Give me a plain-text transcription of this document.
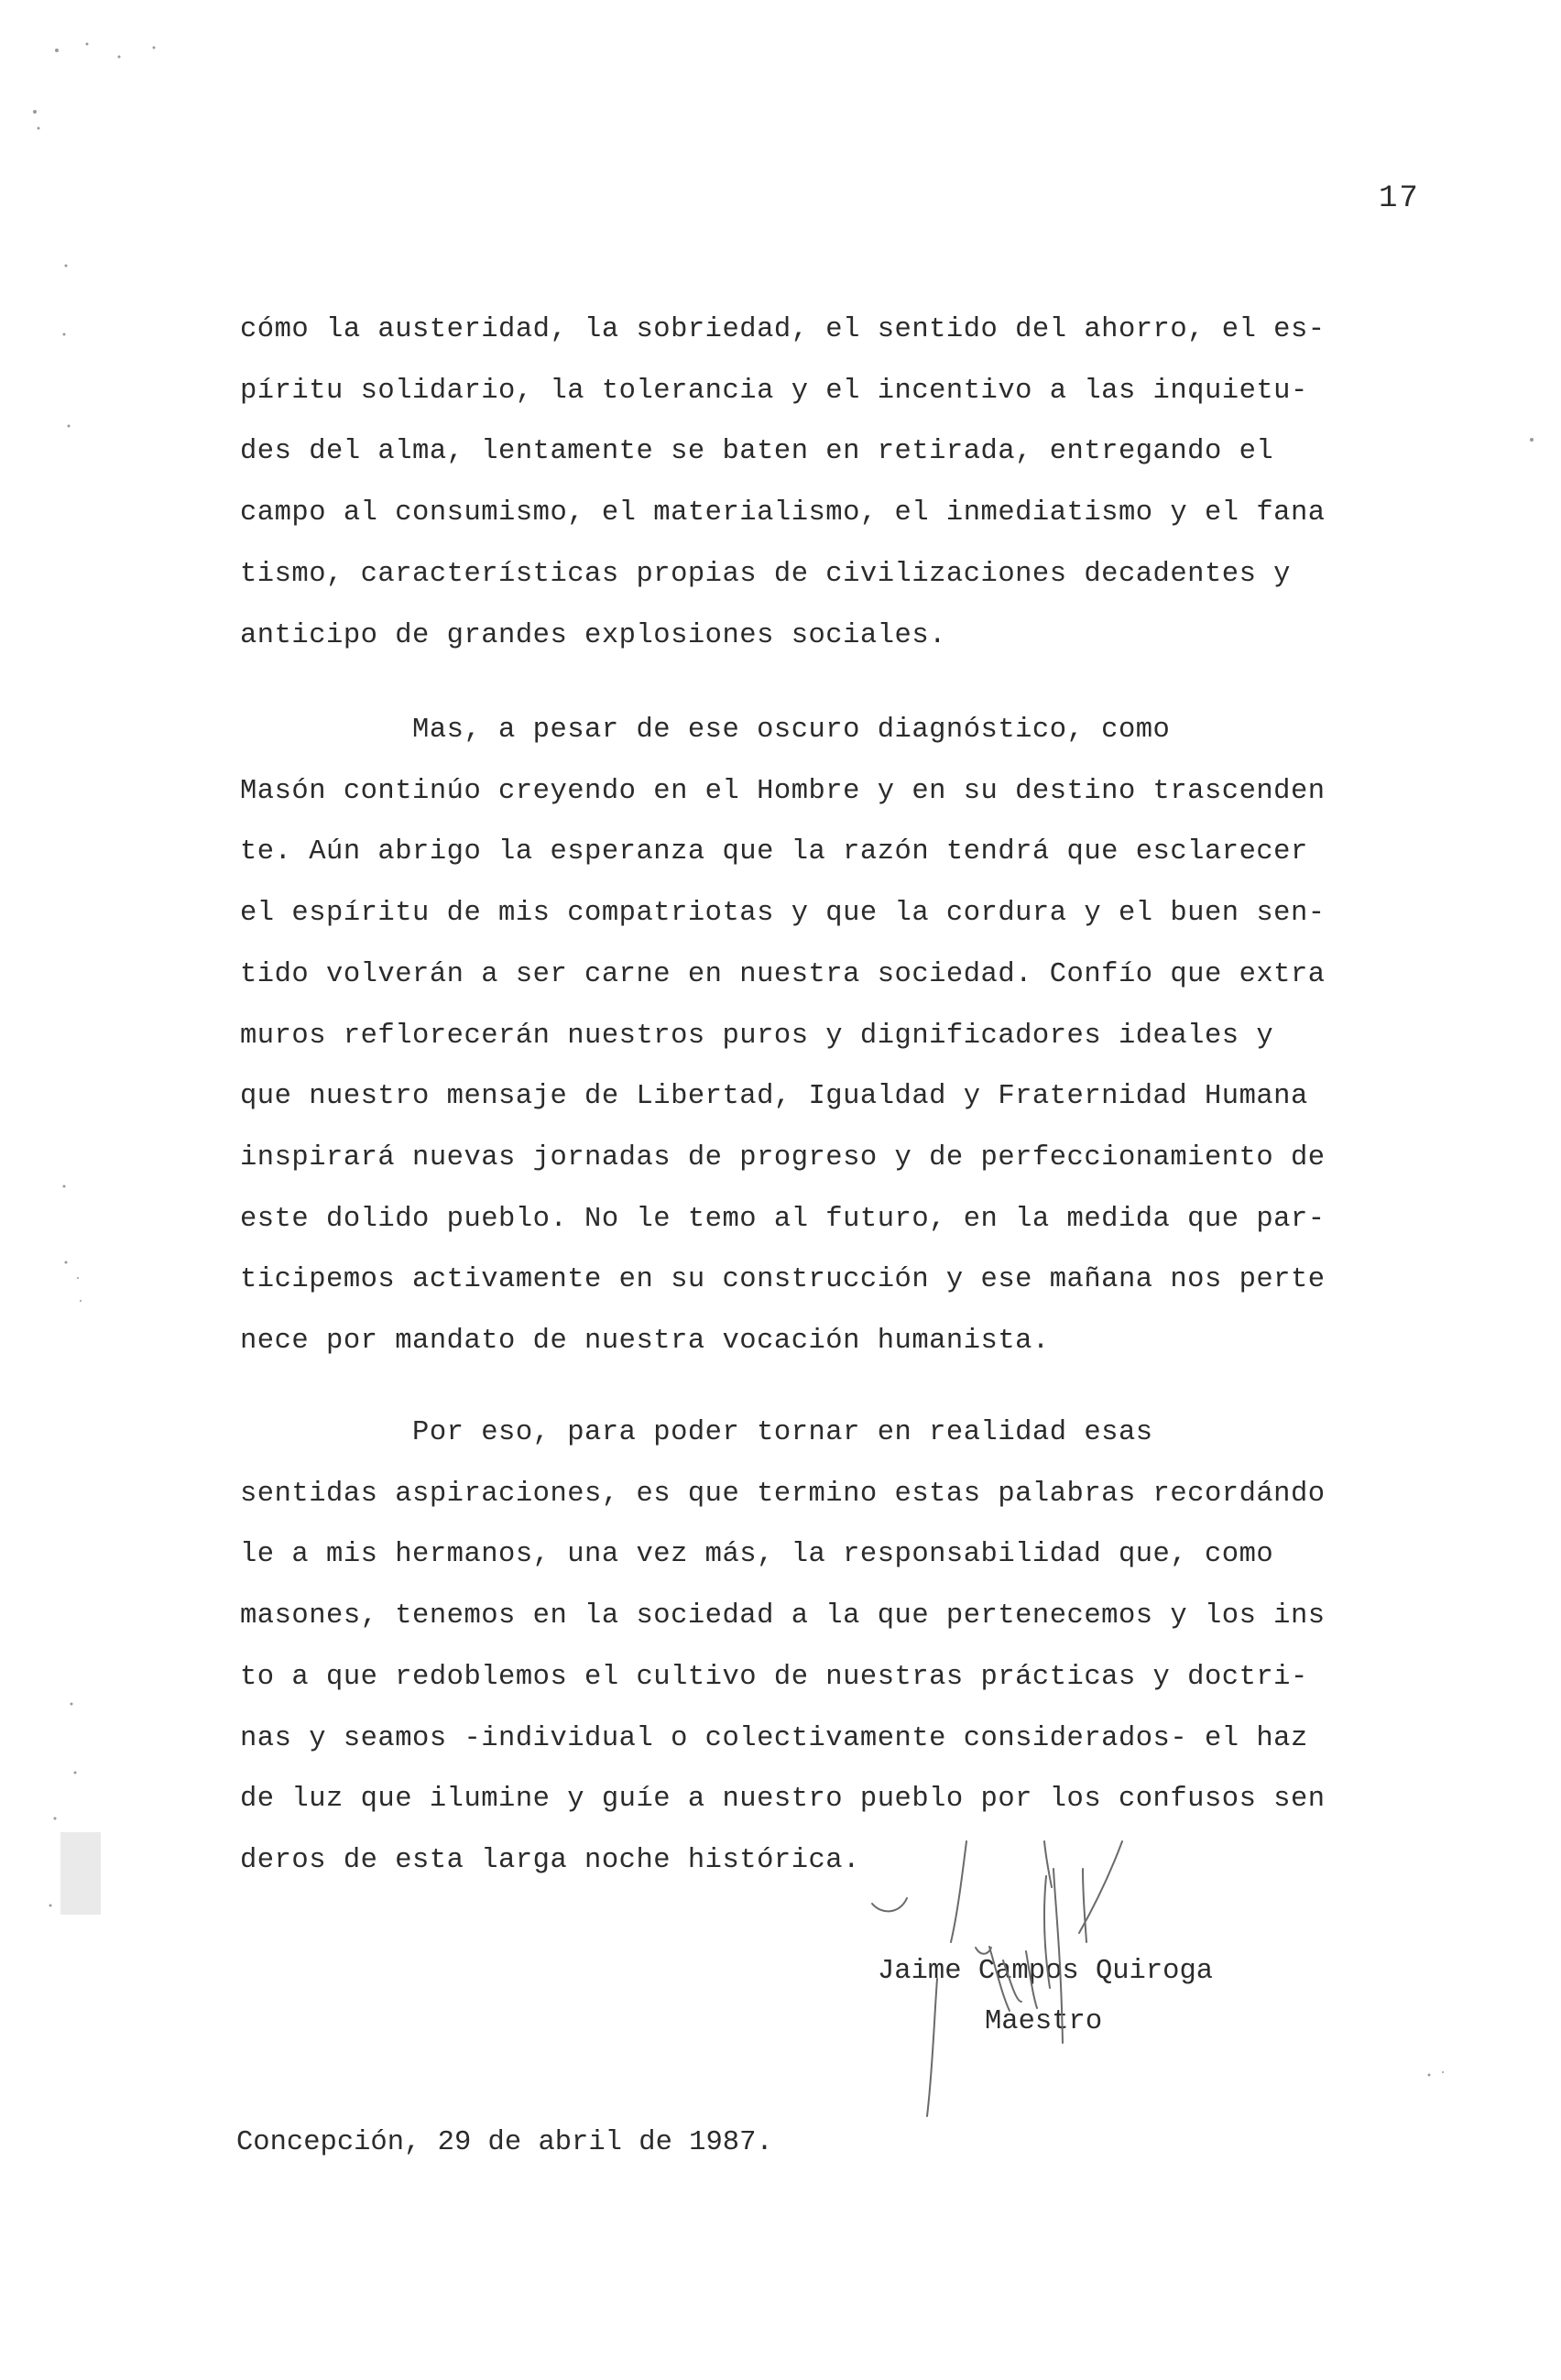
17
cómo la austeridad, la sobriedad, el sentido del ahorro, el es-
píritu solidario, la tolerancia y el incentivo a las inquietu-
des del alma, lentamente se baten en retirada, entregando el
campo al consumismo, el materialismo, el inmediatismo y el fana
tismo, características propias de civilizaciones decadentes y
anticipo de grandes explosiones sociales.
Mas, a pesar de ese oscuro diagnóstico, como
Masón continúo creyendo en el Hombre y en su destino trascenden
te. Aún abrigo la esperanza que la razón tendrá que esclarecer
el espíritu de mis compatriotas y que la cordura y el buen sen-
tido volverán a ser carne en nuestra sociedad. Confío que extra
muros reflorecerán nuestros puros y dignificadores ideales y
que nuestro mensaje de Libertad, Igualdad y Fraternidad Humana
inspirará nuevas jornadas de progreso y de perfeccionamiento de
este dolido pueblo. No le temo al futuro, en la medida que par-
ticipemos activamente en su construcción y ese mañana nos perte
nece por mandato de nuestra vocación humanista.
Por eso, para poder tornar en realidad esas
sentidas aspiraciones, es que termino estas palabras recordándo
le a mis hermanos, una vez más, la responsabilidad que, como
masones, tenemos en la sociedad a la que pertenecemos y los ins
to a que redoblemos el cultivo de nuestras prácticas y doctri-
nas y seamos -individual o colectivamente considerados- el haz
de luz que ilumine y guíe a nuestro pueblo por los confusos sen
deros de esta larga noche histórica.
Jaime Campos Quiroga
Maestro
Concepción, 29 de abril de 1987.
